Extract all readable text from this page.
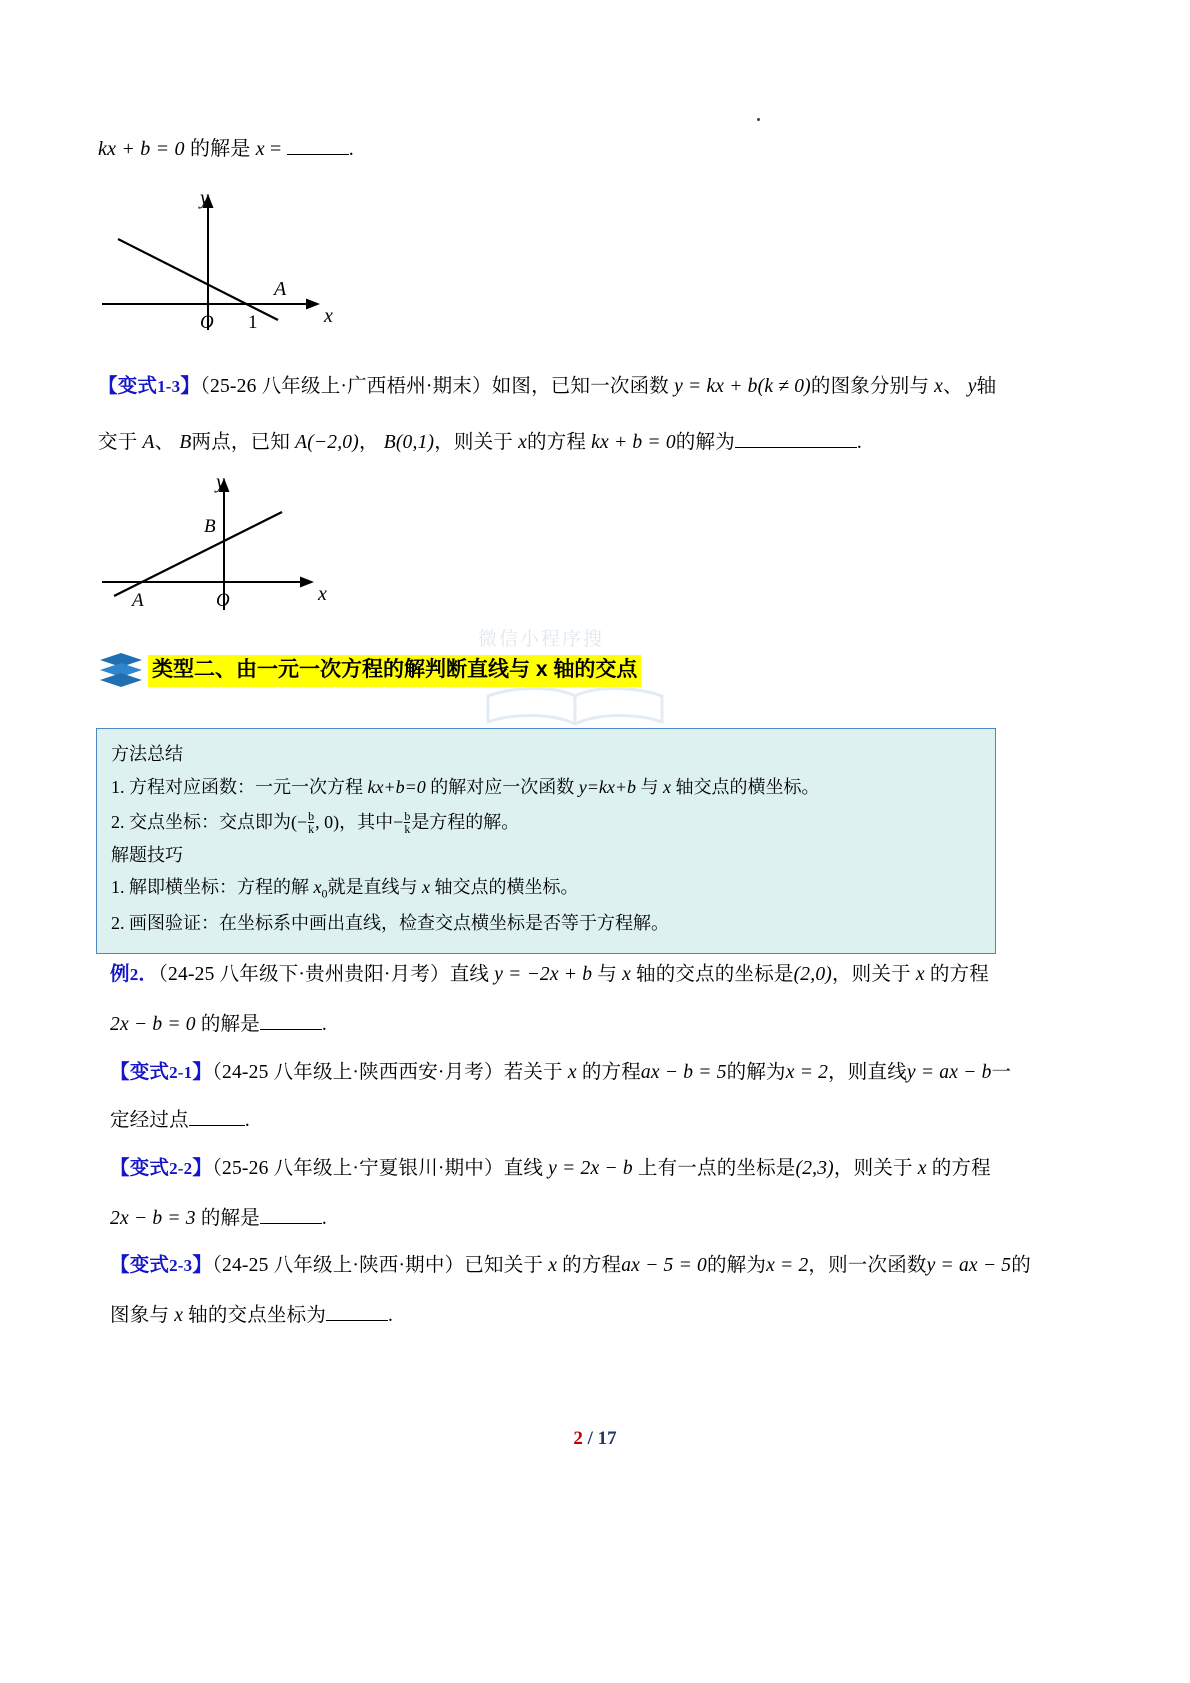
kx + b = 0 的解是 x =	.
y
x
O 1
A
【变式1-3】（25-26 八年级上·广西梧州·期末）如图，已知一次函数 y = kx + b(k ≠ 0)的图象分别与 x、 y轴
交于 A、 B两点，已知 A(−2,0)， B(0,1)，则关于 x的方程 kx + b = 0的解为	.
y
x
O
A
B
微信小程序搜
类型二、由一元一次方程的解判断直线与 x 轴的交点

方法总结

1. 方程对应函数：一元一次方程 kx+b=0 的解对应一次函数 y=kx+b 与 x 轴交点的横坐标。

2. 交点坐标：交点即为(− $\frac{b}{k}$ , 0)，其中− $\frac{b}{k}$ 是方程的解。

解题技巧

1. 解即横坐标：方程的解 $x_0$就是直线与 x 轴交点的横坐标。

2. 画图验证：在坐标系中画出直线，检查交点横坐标是否等于方程解。

例2．（24-25 八年级下·贵州贵阳·月考）直线 y = −2x + b 与 x 轴的交点的坐标是(2,0)，则关于 x 的方程
2x − b = 0 的解是	.
【变式2-1】（24-25 八年级上·陕西西安·月考）若关于 x 的方程ax − b = 5的解为x = 2，则直线y = ax − b一
定经过点	.
【变式2-2】（25-26 八年级上·宁夏银川·期中）直线 y = 2x − b 上有一点的坐标是(2,3)，则关于 x 的方程
2x − b = 3 的解是	.
【变式2-3】（24-25 八年级上·陕西·期中）已知关于 x 的方程ax − 5 = 0的解为x = 2，则一次函数y = ax − 5的
图象与 x 轴的交点坐标为	.
2 / 17
